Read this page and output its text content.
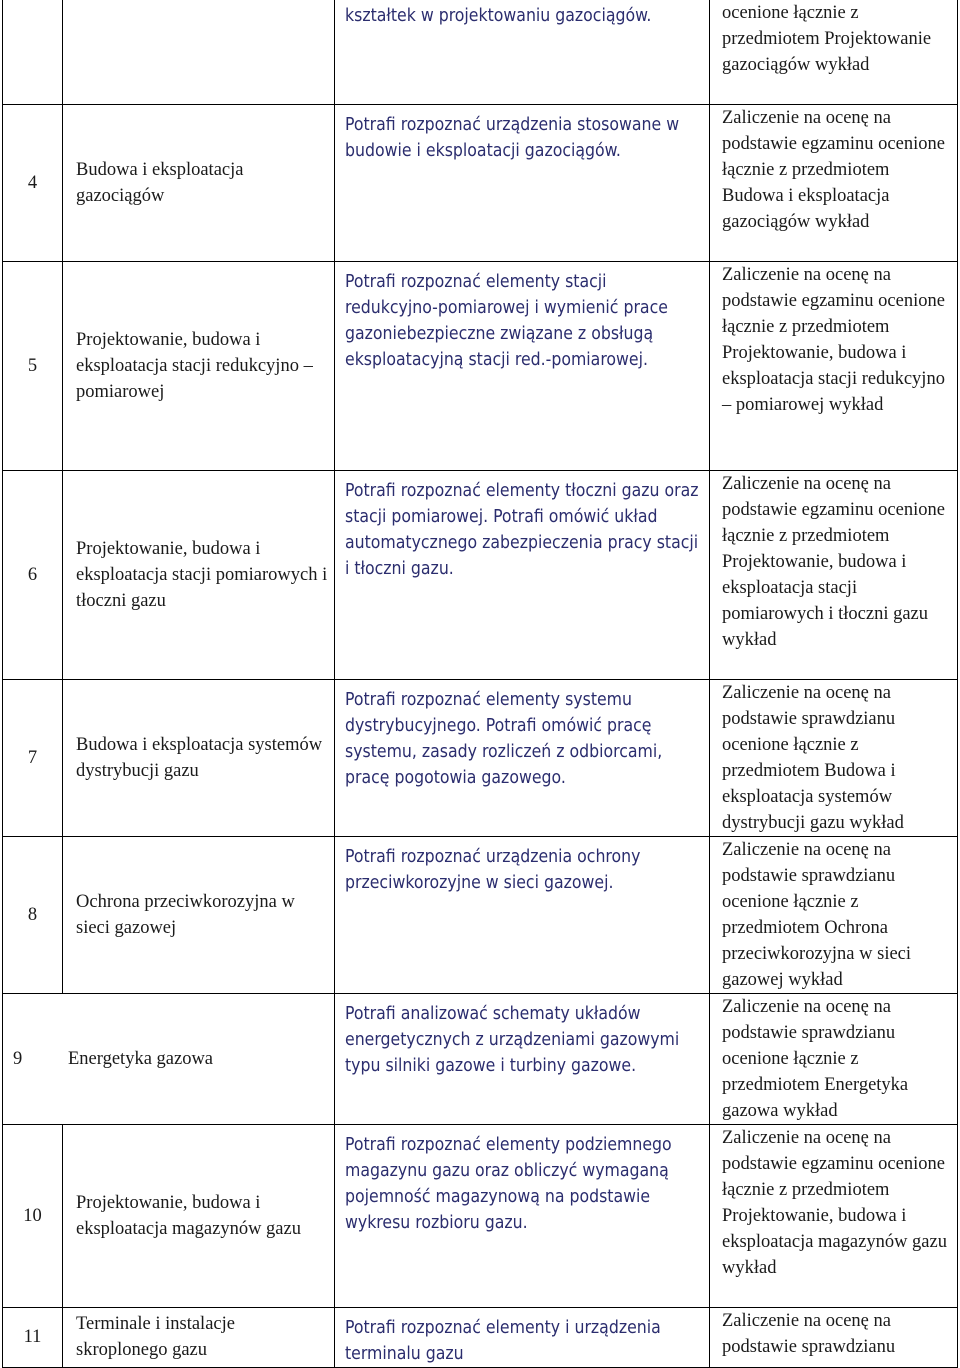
		kształtek w projektowaniu gazociągów.	ocenione łącznie z przedmiotem Projektowanie gazociągów wykład

4	Budowa i eksploatacja gazociągów	Potrafi rozpoznać urządzenia stosowane w budowie i eksploatacji gazociągów.	Zaliczenie na ocenę na podstawie egzaminu ocenione łącznie z przedmiotem Budowa i eksploatacja gazociągów wykład

5	Projektowanie, budowa i eksploatacja stacji redukcyjno – pomiarowej	Potrafi rozpoznać elementy stacji redukcyjno-pomiarowej i wymienić prace gazoniebezpieczne związane z obsługą eksploatacyjną stacji red.-pomiarowej.	Zaliczenie na ocenę na podstawie egzaminu ocenione łącznie z przedmiotem Projektowanie, budowa i eksploatacja stacji redukcyjno – pomiarowej wykład

6	Projektowanie, budowa i eksploatacja stacji pomiarowych i tłoczni gazu	Potrafi rozpoznać elementy tłoczni gazu oraz stacji pomiarowej. Potrafi omówić układ automatycznego zabezpieczenia pracy stacji i tłoczni gazu.	Zaliczenie na ocenę na podstawie egzaminu ocenione łącznie z przedmiotem Projektowanie, budowa i eksploatacja stacji pomiarowych i tłoczni gazu wykład

7	Budowa i eksploatacja systemów dystrybucji gazu	Potrafi rozpoznać elementy systemu dystrybucyjnego. Potrafi omówić pracę systemu, zasady rozliczeń z odbiorcami, pracę pogotowia gazowego.	Zaliczenie na ocenę na podstawie sprawdzianu ocenione łącznie z przedmiotem Budowa i eksploatacja systemów dystrybucji gazu wykład

8	Ochrona przeciwkorozyjna w sieci gazowej	Potrafi rozpoznać urządzenia ochrony przeciwkorozyjne w sieci gazowej.	Zaliczenie na ocenę na podstawie sprawdzianu ocenione łącznie z przedmiotem Ochrona przeciwkorozyjna w sieci gazowej wykład

9 Energetyka gazowa		Potrafi analizować schematy układów energetycznych z urządzeniami gazowymi typu silniki gazowe i turbiny gazowe.	Zaliczenie na ocenę na podstawie sprawdzianu ocenione łącznie z przedmiotem Energetyka gazowa wykład

10	Projektowanie, budowa i eksploatacja magazynów gazu	Potrafi rozpoznać elementy podziemnego magazynu gazu oraz obliczyć wymaganą pojemność magazynową na podstawie wykresu rozbioru gazu.	Zaliczenie na ocenę na podstawie egzaminu ocenione łącznie z przedmiotem Projektowanie, budowa i eksploatacja magazynów gazu wykład

11	Terminale i instalacje skroplonego gazu	Potrafi rozpoznać elementy i urządzenia terminalu gazu	Zaliczenie na ocenę na podstawie sprawdzianu
